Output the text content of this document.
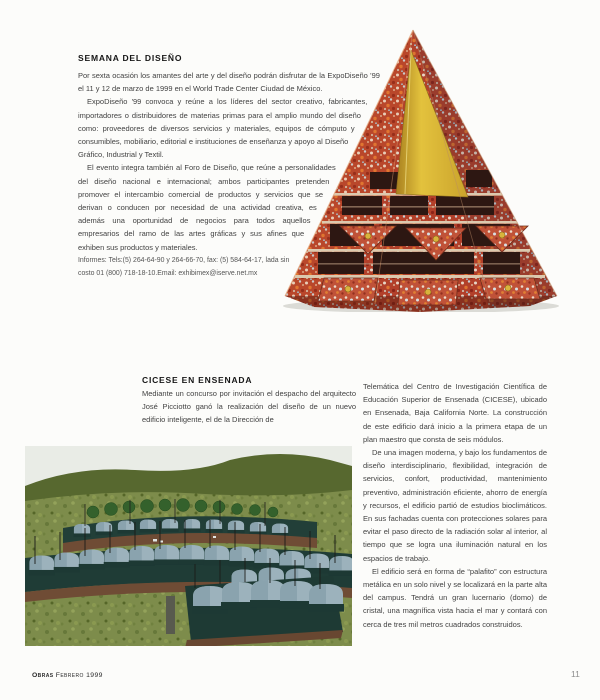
SEMANA DEL DISEÑO

Por sexta ocasión los amantes del arte y del diseño podrán disfrutar de la ExpoDiseño '99 el 11 y 12 de marzo de 1999 en el World Trade Center Ciudad de México.

ExpoDiseño '99 convoca y reúne a los líderes del sector creativo, fabricantes, importadores o distribuidores de materias primas para el amplio mundo del diseño como: proveedores de diversos servicios y materiales, equipos de cómputo y consumibles, mobiliario, editorial e instituciones de enseñanza y apoyo al Diseño Gráfico, Industrial y Textil.

El evento integra también al Foro de Diseño, que reúne a personalidades del diseño nacional e internacional; ambos participantes pretenden promover el intercambio comercial de productos y servicios que se derivan o conducen por necesidad de una actividad creativa, es además una oportunidad de negocios para todos aquellos empresarios del ramo de las artes gráficas y sus afines que exhiben sus productos y materiales.

Informes: Tels:(5) 264-64-90 y 264-66-70, fax: (5) 584-64-17, lada sin costo 01 (800) 718-18-10.Email: exhibimex@iserve.net.mx

CICESE EN ENSENADA

Mediante un concurso por invitación el despacho del arquitecto José Picciotto ganó la realización del diseño de un nuevo edificio inteligente, el de la Dirección de

Telemática del Centro de Investigación Científica de Educación Superior de Ensenada (CICESE), ubicado en Ensenada, Baja California Norte. La construcción de este edificio dará inicio a la primera etapa de un plan maestro que consta de seis módulos.

De una imagen moderna, y bajo los fundamentos de diseño interdisciplinario, flexibilidad, integración de servicios, confort, productividad, mantenimiento preventivo, administración eficiente, ahorro de energía y recursos, el edificio partió de estudios bioclimáticos. En sus fachadas cuenta con protecciones solares para evitar el paso directo de la radiación solar al interior, al tiempo que se logra una iluminación natural en los espacios de trabajo.

El edificio será en forma de “palafito” con estructura metálica en un solo nivel y se localizará en la parte alta del campus. Tendrá un gran lucernario (domo) de cristal, una magnífica vista hacia el mar y contará con cerca de tres mil metros cuadrados construidos.

Obras Febrero 1999	11
